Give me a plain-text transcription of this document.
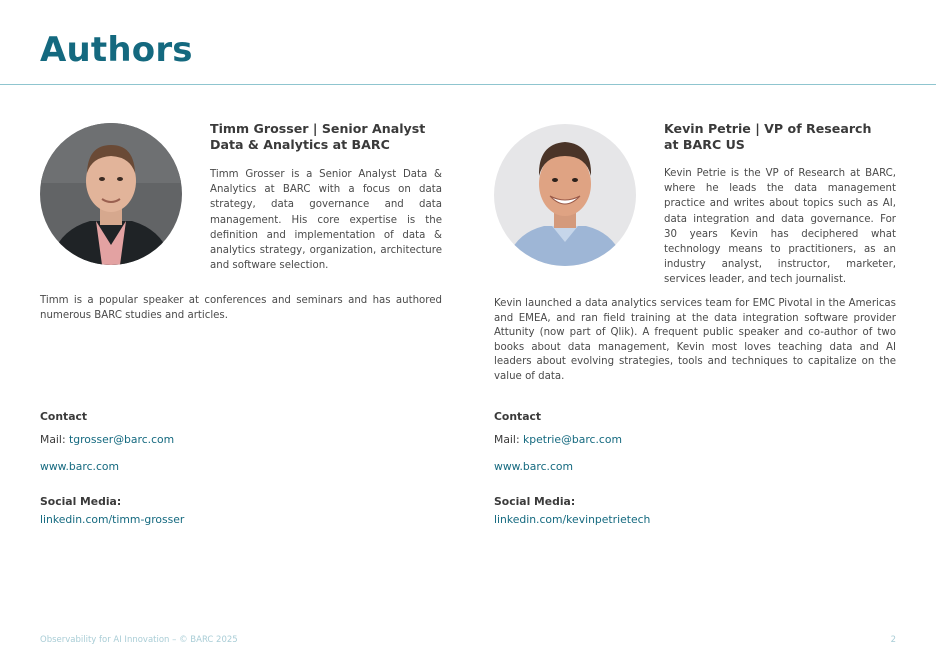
Authors
Timm Grosser | Senior Analyst
Data & Analytics at BARC

Timm Grosser is a Senior Analyst Data & Analytics at BARC with a focus on data strategy, data governance and data management. His core expertise is the definition and implementation of data & analytics strategy, organization, architecture and software selection.

Timm is a popular speaker at conferences and seminars and has authored numerous BARC studies and articles.

Contact
Mail: tgrosser@barc.com
www.barc.com
Social Media:
linkedin.com/timm-grosser
Kevin Petrie | VP of Research
at BARC US

Kevin Petrie is the VP of Research at BARC, where he leads the data management practice and writes about topics such as AI, data integration and data governance. For 30 years Kevin has deciphered what technology means to practitioners, as an industry analyst, instructor, marketer, services leader, and tech journalist.

Kevin launched a data analytics services team for EMC Pivotal in the Americas and EMEA, and ran field training at the data integration software provider Attunity (now part of Qlik). A frequent public speaker and co-author of two books about data management, Kevin most loves teaching data and AI leaders about evolving strategies, tools and techniques to capitalize on the value of data.

Contact
Mail: kpetrie@barc.com
www.barc.com
Social Media:
linkedin.com/kevinpetrietech
Observability for AI Innovation – © BARC 2025	2
